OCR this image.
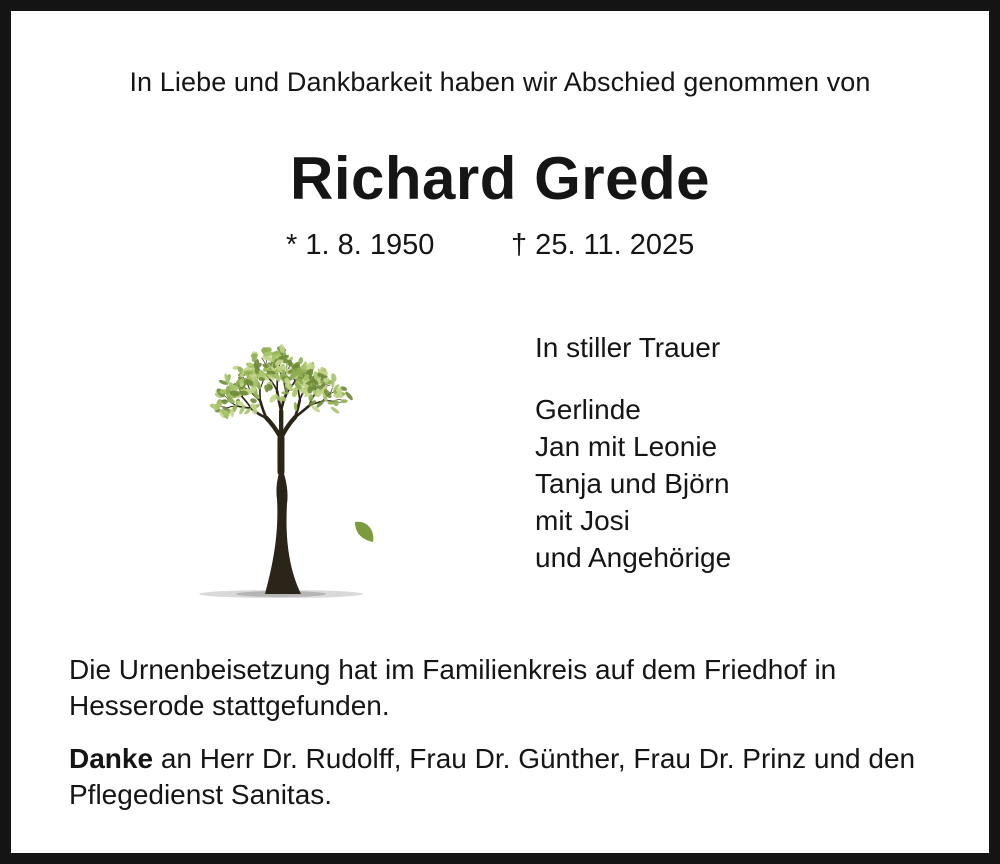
In Liebe und Dankbarkeit haben wir Abschied genommen von
Richard Grede
* 1. 8. 1950	† 25. 11. 2025
In stiller Trauer
Gerlinde
Jan mit Leonie
Tanja und Björn
mit Josi
und Angehörige
Die Urnenbeisetzung hat im Familienkreis auf dem Friedhof in Hesserode stattgefunden.
Danke an Herr Dr. Rudolff, Frau Dr. Günther, Frau Dr. Prinz und den Pflegedienst Sanitas.
